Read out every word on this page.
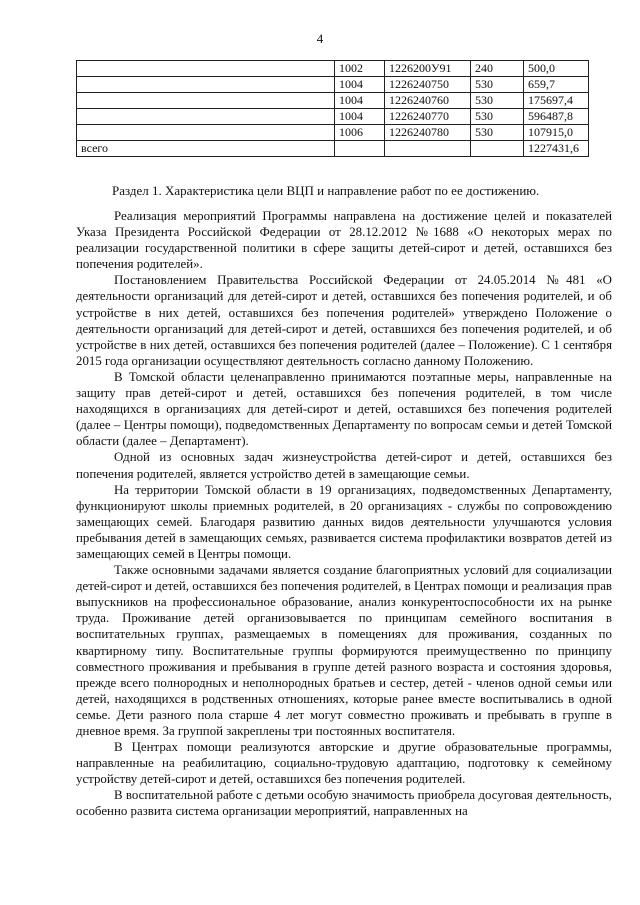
4
	1002	1226200У91	240	500,0
	1004	1226240750	530	659,7
	1004	1226240760	530	175697,4
	1004	1226240770	530	596487,8
	1006	1226240780	530	107915,0
всего				1227431,6
Раздел 1. Характеристика цели ВЦП и направление работ по ее достижению.

Реализация мероприятий Программы направлена на достижение целей и показателей Указа Президента Российской Федерации от 28.12.2012 №1688 «О некоторых мерах по реализации государственной политики в сфере защиты детей-сирот и детей, оставшихся без попечения родителей».

Постановлением Правительства Российской Федерации от 24.05.2014 №481 «О деятельности организаций для детей-сирот и детей, оставшихся без попечения родителей, и об устройстве в них детей, оставшихся без попечения родителей» утверждено Положение о деятельности организаций для детей-сирот и детей, оставшихся без попечения родителей, и об устройстве в них детей, оставшихся без попечения родителей (далее – Положение). С 1 сентября 2015 года организации осуществляют деятельность согласно данному Положению.

В Томской области целенаправленно принимаются поэтапные меры, направленные на защиту прав детей-сирот и детей, оставшихся без попечения родителей, в том числе находящихся в организациях для детей-сирот и детей, оставшихся без попечения родителей (далее – Центры помощи), подведомственных Департаменту по вопросам семьи и детей Томской области (далее – Департамент).

Одной из основных задач жизнеустройства детей-сирот и детей, оставшихся без попечения родителей, является устройство детей в замещающие семьи.

На территории Томской области в 19 организациях, подведомственных Департаменту, функционируют школы приемных родителей, в 20 организациях - службы по сопровождению замещающих семей. Благодаря развитию данных видов деятельности улучшаются условия пребывания детей в замещающих семьях, развивается система профилактики возвратов детей из замещающих семей в Центры помощи.

Также основными задачами является создание благоприятных условий для социализации детей-сирот и детей, оставшихся без попечения родителей, в Центрах помощи и реализация прав выпускников на профессиональное образование, анализ конкурентоспособности их на рынке труда. Проживание детей организовывается по принципам семейного воспитания в воспитательных группах, размещаемых в помещениях для проживания, созданных по квартирному типу. Воспитательные группы формируются преимущественно по принципу совместного проживания и пребывания в группе детей разного возраста и состояния здоровья, прежде всего полнородных и неполнородных братьев и сестер, детей - членов одной семьи или детей, находящихся в родственных отношениях, которые ранее вместе воспитывались в одной семье. Дети разного пола старше 4 лет могут совместно проживать и пребывать в группе в дневное время. За группой закреплены три постоянных воспитателя.

В Центрах помощи реализуются авторские и другие образовательные программы, направленные на реабилитацию, социально-трудовую адаптацию, подготовку к семейному устройству детей-сирот и детей, оставшихся без попечения родителей.

В воспитательной работе с детьми особую значимость приобрела досуговая деятельность, особенно развита система организации мероприятий, направленных на
